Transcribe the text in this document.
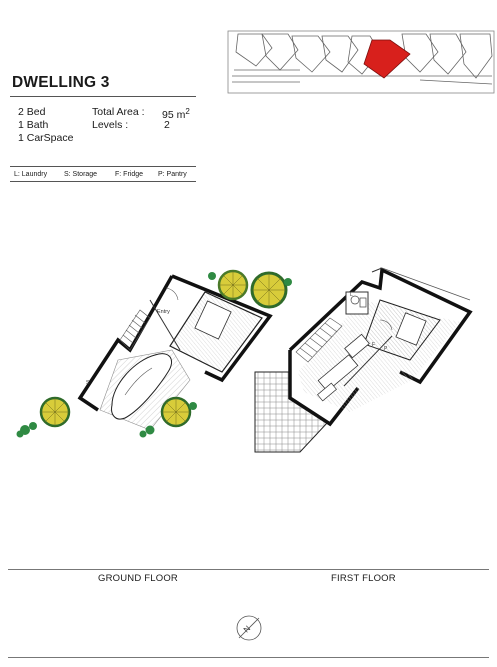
DWELLING 3
2 Bed
1 Bath
1 CarSpace
Total Area : 95 $m^2$
Levels :	2
L: Laundry S: Storage	F: Fridge P: Pantry
Entry
S
F
P
L
GROUND FLOOR	FIRST FLOOR
N
